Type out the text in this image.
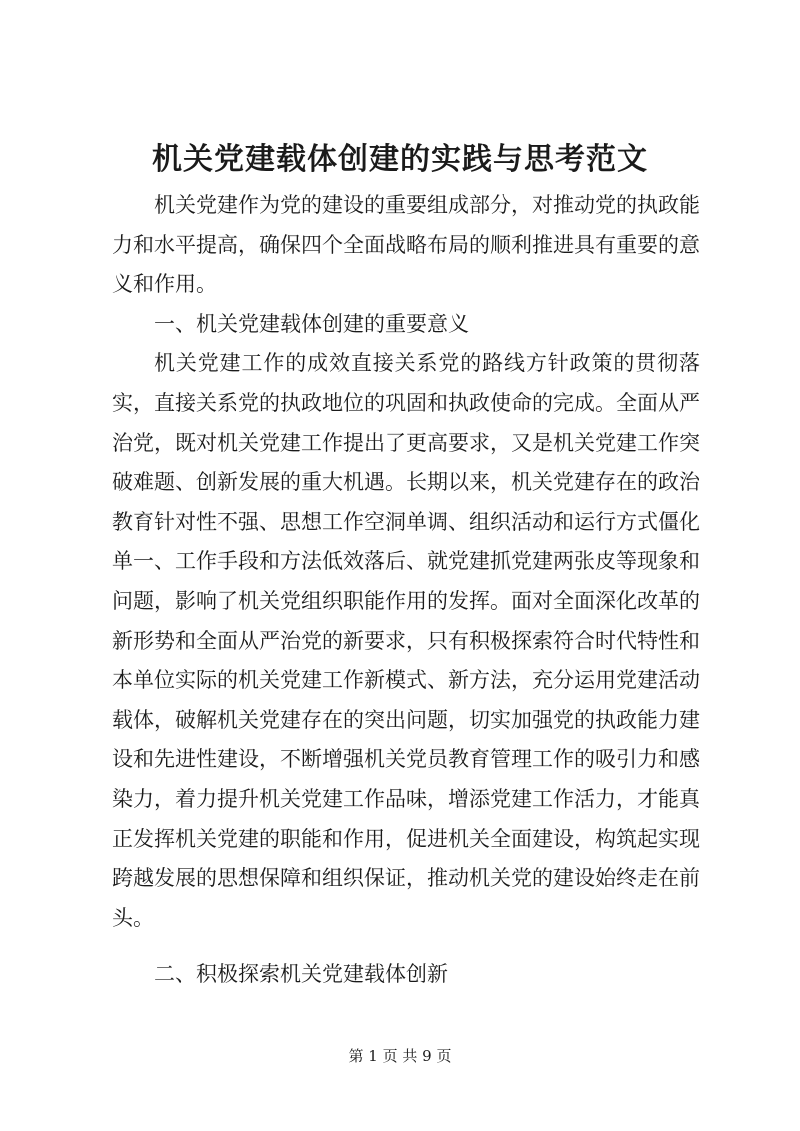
机关党建载体创建的实践与思考范文

机关党建作为党的建设的重要组成部分，对推动党的执政能力和水平提高，确保四个全面战略布局的顺利推进具有重要的意义和作用。

一、机关党建载体创建的重要意义

机关党建工作的成效直接关系党的路线方针政策的贯彻落实，直接关系党的执政地位的巩固和执政使命的完成。全面从严治党，既对机关党建工作提出了更高要求，又是机关党建工作突破难题、创新发展的重大机遇。长期以来，机关党建存在的政治教育针对性不强、思想工作空洞单调、组织活动和运行方式僵化单一、工作手段和方法低效落后、就党建抓党建两张皮等现象和问题，影响了机关党组织职能作用的发挥。面对全面深化改革的新形势和全面从严治党的新要求，只有积极探索符合时代特性和本单位实际的机关党建工作新模式、新方法，充分运用党建活动载体，破解机关党建存在的突出问题，切实加强党的执政能力建设和先进性建设，不断增强机关党员教育管理工作的吸引力和感染力，着力提升机关党建工作品味，增添党建工作活力，才能真正发挥机关党建的职能和作用，促进机关全面建设，构筑起实现跨越发展的思想保障和组织保证，推动机关党的建设始终走在前头。

二、积极探索机关党建载体创新

第 1 页 共 9 页
